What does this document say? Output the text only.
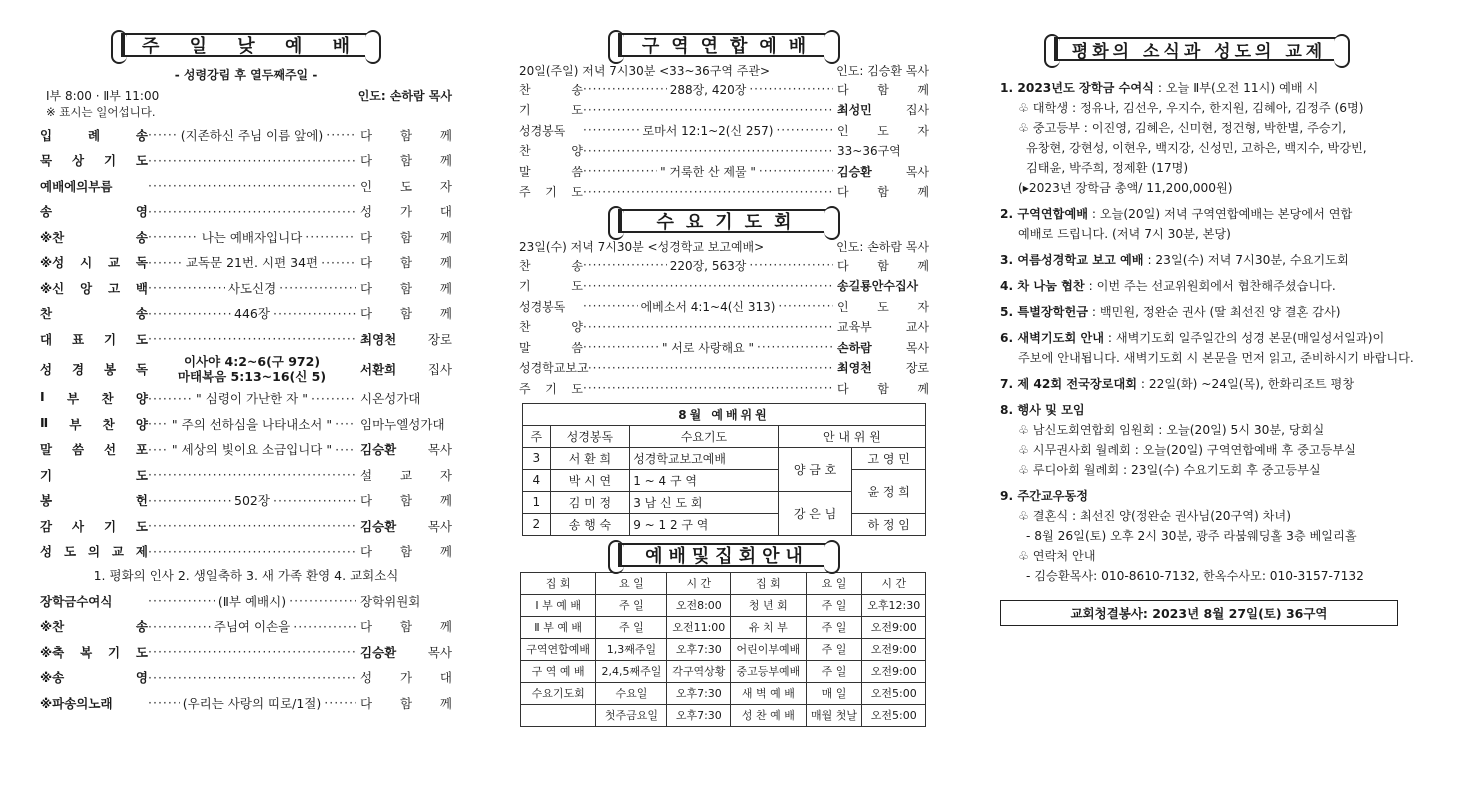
주 일 낮 예 배
- 성령강림 후 열두째주일 -
Ⅰ부 8:00 · Ⅱ부 11:00	인도: 손하람 목사
※ 표시는 일어섭니다.
입	례	송 ·····	(지존하신 주님 이름 앞에) ·····	다 함 께
묵 상 기 도 ·····	다 함 께
예배에의부름 ·····	인 도 자
송	영 ·····	성 가 대
※찬	송 ·····	나는 예배자입니다 ·····	다 함 께
※성 시 교 독 ·····	교독문 21번. 시편 34편 ·····	다 함 께
※신 앙 고 백 ·····	사도신경 ·····	다 함 께
찬	송 ·····	446장 ·····	다 함 께
대 표 기 도 ·····	최영천	장로
성 경 봉 독
이사야 4:2~6(구 972)
마태복음 5:13~16(신 5)	서환희	집사
Ⅰ 부 찬 양 ·····	" 심령이 가난한 자 " ·····	시온성가대
Ⅱ 부 찬 양 ····· " 주의 선하심을 나타내소서 " ····· 임마누엘성가대
말 씀 선 포 ····· " 세상의 빛이요 소금입니다 " ····· 김승환	목사
기	도 ·····	설 교 자
봉	헌 ·····	502장 ·····	다 함 께
감 사 기 도 ·····	김승환	목사
성 도 의 교 제 ·····	다 함 께
1. 평화의 인사 2. 생일축하 3. 새 가족 환영 4. 교회소식
장학금수여식 ·····	(Ⅱ부 예배시) ·····	장학위원회
※찬	송 ·····	주님여 이손을 ·····	다 함 께
※축 복 기 도 ·····	김승환	목사
※송	영 ·····	성 가 대
※파송의노래 ·····	(우리는 사랑의 띠로/1절) ·····	다 함 께
구역연합예배
20일(주일) 저녁 7시30분 <33~36구역 주관>	인도: 김승환 목사
찬	송 ·····	288장, 420장 ·····	다 함 께
기	도 ·····	최성민	집사
성경봉독 ·····	로마서 12:1~2(신 257) ·····	인 도 자
찬	양 ·····	33~36구역
말	씀 ·····	" 거룩한 산 제물 " ·····	김승환	목사
주 기 도 ·····	다 함 께
수요기도회
23일(수) 저녁 7시30분 <성경학교 보고예배>	인도: 손하람 목사
찬	송 ·····	220장, 563장 ·····	다 함 께
기	도 ·····	송길룡안수집사
성경봉독 ·····	에베소서 4:1~4(신 313) ·····	인 도 자
찬	양 ·····	교육부	교사
말	씀 ·····	" 서로 사랑해요 " ·····	손하람	목사
성경학교 보고 ·····	최영천	장로
주 기 도 ·····	다 함 께
8월 예배위원				
주	성경봉독	수요기도	안 내 위 원	
3	서 환 희	성경학교보고예배	양 금 호	고 영 민
4	박 시 연	1 ~ 4 구 역		윤 정 희
1	김 미 정	3 남 신 도 회	강 은 님	
2	송 행 숙	9 ~ 1 2 구 역		하 정 임
예배및집회안내
집 회	요 일	시 간	집 회	요 일	시 간
Ⅰ 부 예 배	주 일	오전8:00	청 년 회	주 일	오후12:30
Ⅱ 부 예 배	주 일	오전11:00	유 치 부	주 일	오전9:00
구역연합예배	1,3째주일	오후7:30	어린이부예배	주 일	오전9:00
구 역 예 배	2,4,5째주일	각구역상황	중고등부예배	주 일	오전9:00
수요기도회	수요일	오후7:30	새 벽 예 배	매 일	오전5:00
	첫주금요일	오후7:30	성 찬 예 배	매월 첫날	오전5:00
평화의 소식과 성도의 교제
1. 2023년도 장학금 수여식 : 오늘 Ⅱ부(오전 11시) 예배 시
♧ 대학생 : 정유나, 김선우, 우지수, 한지원, 김혜아, 김정주 (6명)
♧ 중고등부 : 이진영, 김혜은, 신미현, 정건형, 박한별, 주승기,
유창현, 강현성, 이현우, 백지강, 신성민, 고하은, 백지수, 박강빈,
김태윤, 박주희, 정제환 (17명)
(▸2023년 장학금 총액/ 11,200,000원)
2. 구역연합예배 : 오늘(20일) 저녁 구역연합예배는 본당에서 연합
예배로 드립니다. (저녁 7시 30분, 본당)
3. 여름성경학교 보고 예배 : 23일(수) 저녁 7시30분, 수요기도회
4. 차 나눔 협찬 : 이번 주는 선교위원회에서 협찬해주셨습니다.
5. 특별장학헌금 : 백민원, 정완순 권사 (딸 최선진 양 결혼 감사)
6. 새벽기도회 안내 : 새벽기도회 일주일간의 성경 본문(매일성서일과)이
주보에 안내됩니다. 새벽기도회 시 본문을 먼저 읽고, 준비하시기 바랍니다.
7. 제 42회 전국장로대회 : 22일(화) ~24일(목), 한화리조트 평창
8. 행사 및 모임
♧ 남신도회연합회 임원회 : 오늘(20일) 5시 30분, 당회실
♧ 시무권사회 월례회 : 오늘(20일) 구역연합예배 후 중고등부실
♧ 루디아회 월례회 : 23일(수) 수요기도회 후 중고등부실
9. 주간교우동정
♧ 결혼식 : 최선진 양(정완순 권사님(20구역) 차녀)
- 8월 26일(토) 오후 2시 30분, 광주 라붐웨딩홀 3층 베일리홀
♧ 연락처 안내
- 김승환목사: 010-8610-7132, 한옥수사모: 010-3157-7132
교회청결봉사: 2023년 8월 27일(토) 36구역
